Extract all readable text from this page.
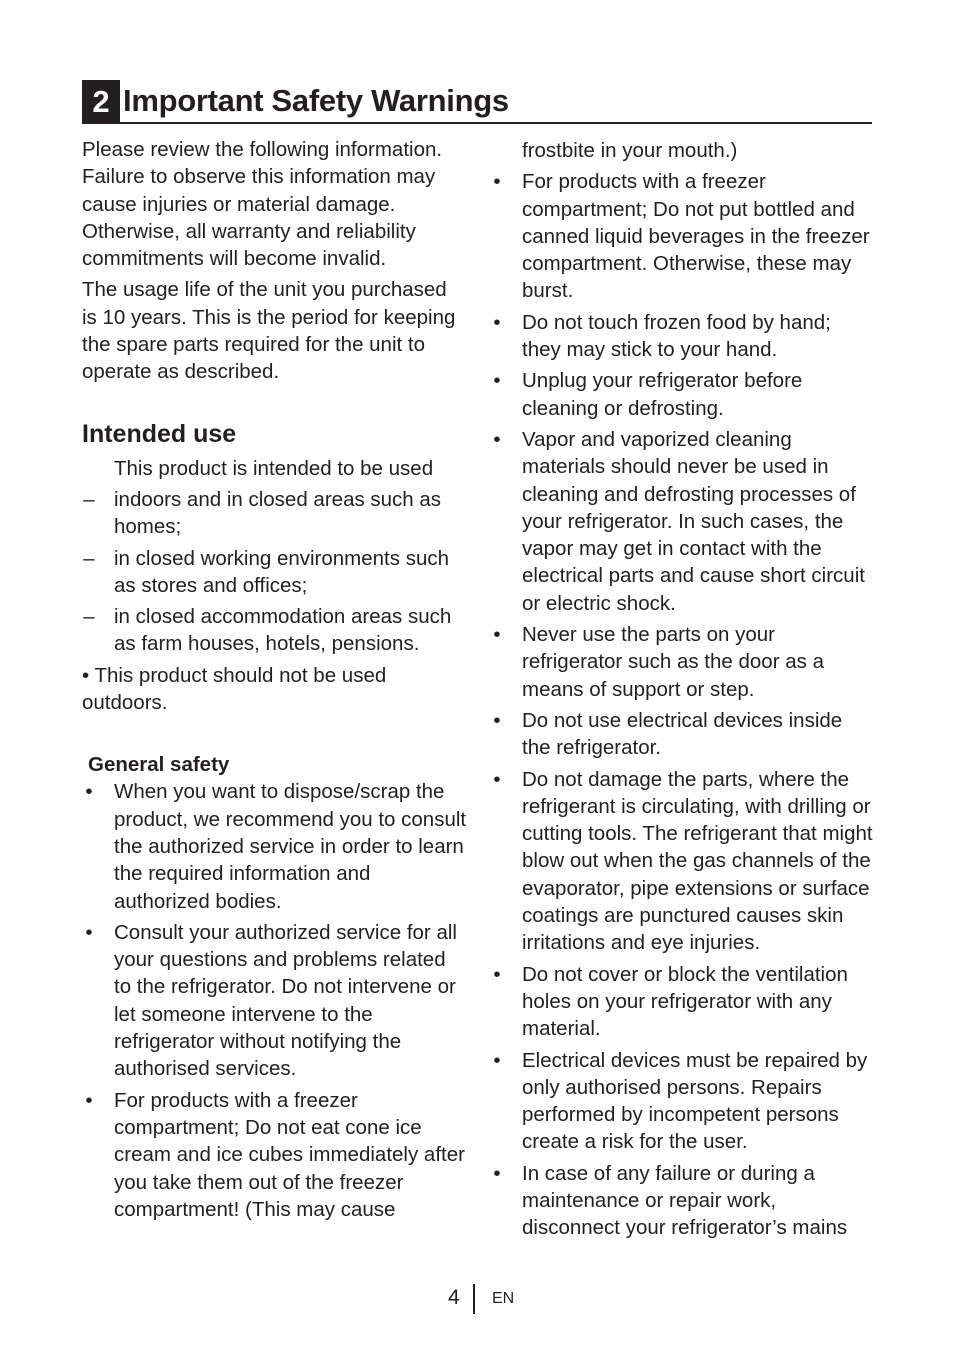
2 Important Safety Warnings

Please review the following information. Failure to observe this information may cause injuries or material damage. Otherwise, all warranty and reliability commitments will become invalid.

The usage life of the unit you purchased is 10 years. This is the period for keeping the spare parts required for the unit to operate as described.

Intended use

This product is intended to be used

– indoors and in closed areas such as homes;
– in closed working environments such as stores and offices;
– in closed accommodation areas such as farm houses, hotels, pensions.

• This product should not be used outdoors.

General safety
• When you want to dispose/scrap the product, we recommend you to consult the authorized service in order to learn the required information and authorized bodies.
• Consult your authorized service for all your questions and problems related to the refrigerator. Do not intervene or let someone intervene to the refrigerator without notifying the authorised services.
• For products with a freezer compartment; Do not eat cone ice cream and ice cubes immediately after you take them out of the freezer compartment! (This may cause
frostbite in your mouth.)
• For products with a freezer compartment; Do not put bottled and canned liquid beverages in the freezer compartment. Otherwise, these may burst.
• Do not touch frozen food by hand; they may stick to your hand.
• Unplug your refrigerator before cleaning or defrosting.
• Vapor and vaporized cleaning materials should never be used in cleaning and defrosting processes of your refrigerator. In such cases, the vapor may get in contact with the electrical parts and cause short circuit or electric shock.
• Never use the parts on your refrigerator such as the door as a means of support or step.
• Do not use electrical devices inside the refrigerator.
• Do not damage the parts, where the refrigerant is circulating, with drilling or cutting tools. The refrigerant that might blow out when the gas channels of the evaporator, pipe extensions or surface coatings are punctured causes skin irritations and eye injuries.
• Do not cover or block the ventilation holes on your refrigerator with any material.
• Electrical devices must be repaired by only authorised persons. Repairs performed by incompetent persons create a risk for the user.
• In case of any failure or during a maintenance or repair work, disconnect your refrigerator’s mains
4 EN
